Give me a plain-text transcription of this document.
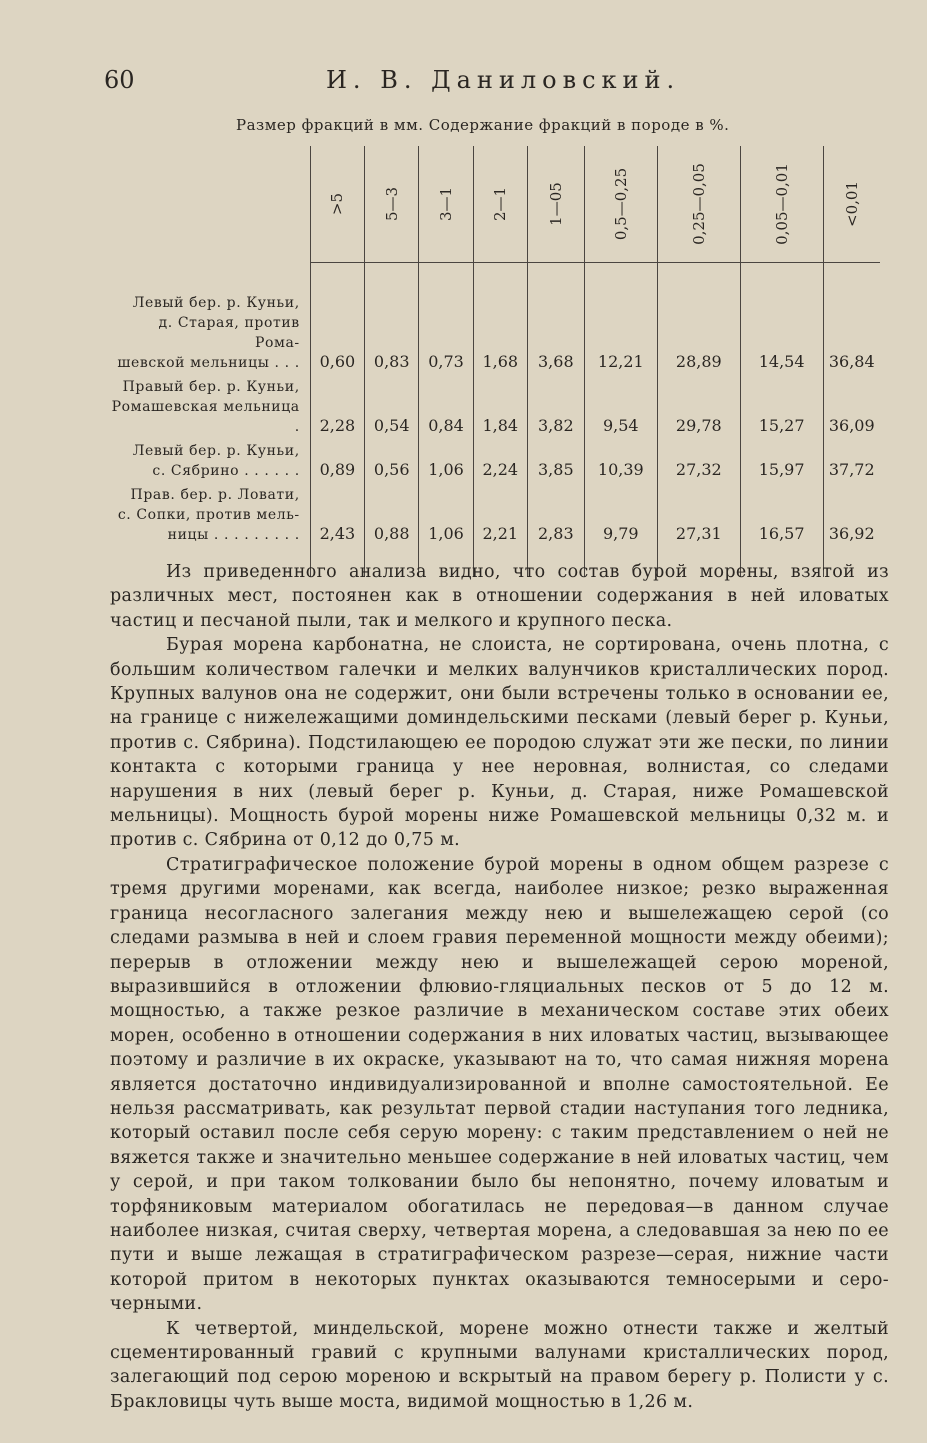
60	И. В. Даниловский.
Размер фракций в мм. Содержание фракций в породе в %.
	>5	5—3	3—1	2—1	1—05	0,5—0,25	0,25—0,05	0,05—0,01	<0,01

Левый бер. р. Куньи,
д. Старая, против Рома-
шевской мельницы . . .	0,60	0,83	0,73	1,68	3,68	12,21	28,89	14,54	36,84

Правый бер. р. Куньи,
Ромашевская мельница .	2,28	0,54	0,84	1,84	3,82	9,54	29,78	15,27	36,09

Левый бер. р. Куньи,
с. Сябрино . . . . . .	0,89	0,56	1,06	2,24	3,85	10,39	27,32	15,97	37,72

Прав. бер. р. Ловати,
с. Сопки, против мель-
ницы . . . . . . . . .	2,43	0,88	1,06	2,21	2,83	9,79	27,31	16,57	36,92

Из приведенного анализа видно, что состав бурой морены, взятой из различных мест, постоянен как в отношении содержания в ней иловатых частиц и песчаной пыли, так и мелкого и крупного песка.

Бурая морена карбонатна, не слоиста, не сортирована, очень плотна, с большим количеством галечки и мелких валунчиков кристаллических пород. Крупных валунов она не содержит, они были встречены только в основании ее, на границе с нижележащими доминдельскими песками (левый берег р. Куньи, против с. Сябрина). Подстилающею ее породою служат эти же пески, по линии контакта с которыми граница у нее неровная, волнистая, со следами нарушения в них (левый берег р. Куньи, д. Старая, ниже Ромашевской мельницы). Мощность бурой морены ниже Ромашевской мельницы 0,32 м. и против с. Сябрина от 0,12 до 0,75 м.

Стратиграфическое положение бурой морены в одном общем разрезе с тремя другими моренами, как всегда, наиболее низкое; резко выраженная граница несогласного залегания между нею и вышележащею серой (со следами размыва в ней и слоем гравия переменной мощности между обеими); перерыв в отложении между нею и вышележащей серою мореной, выразившийся в отложении флювио-гляциальных песков от 5 до 12 м. мощностью, а также резкое различие в механическом составе этих обеих морен, особенно в отношении содержания в них иловатых частиц, вызывающее поэтому и различие в их окраске, указывают на то, что самая нижняя морена является достаточно индивидуализированной и вполне самостоятельной. Ее нельзя рассматривать, как результат первой стадии наступания того ледника, который оставил после себя серую морену: с таким представлением о ней не вяжется также и значительно меньшее содержание в ней иловатых частиц, чем у серой, и при таком толковании было бы непонятно, почему иловатым и торфяниковым материалом обогатилась не передовая—в данном случае наиболее низкая, считая сверху, четвертая морена, а следовавшая за нею по ее пути и выше лежащая в стратиграфическом разрезе—серая, нижние части которой притом в некоторых пунктах оказываются темносерыми и серо-черными.

К четвертой, миндельской, морене можно отнести также и желтый сцементированный гравий с крупными валунами кристаллических пород, залегающий под серою мореною и вскрытый на правом берегу р. Полисти у с. Бракловицы чуть выше моста, видимой мощностью в 1,26 м.
